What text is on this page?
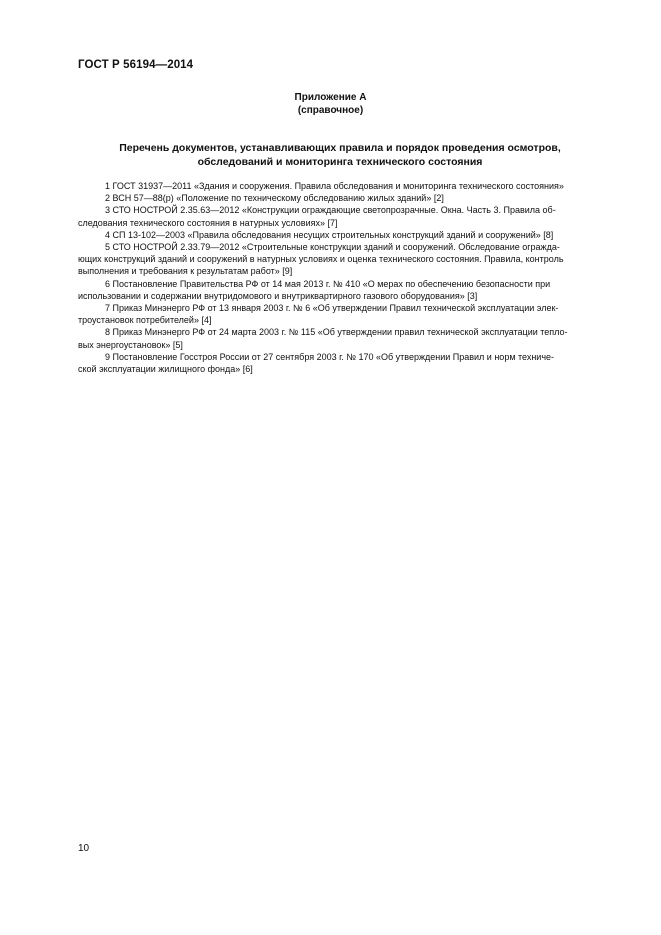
ГОСТ Р 56194—2014
Приложение А
(справочное)
Перечень документов, устанавливающих правила и порядок проведения осмотров,
обследований и мониторинга технического состояния

1 ГОСТ 31937—2011 «Здания и сооружения. Правила обследования и мониторинга технического состояния»

2 ВСН 57—88(р) «Положение по техническому обследованию жилых зданий» [2]

3 СТО НОСТРОЙ 2.35.63—2012 «Конструкции ограждающие светопрозрачные. Окна. Часть 3. Правила об-
следования технического состояния в натурных условиях» [7]

4 СП 13-102—2003 «Правила обследования несущих строительных конструкций зданий и сооружений» [8]

5 СТО НОСТРОЙ 2.33.79—2012 «Строительные конструкции зданий и сооружений. Обследование огражда-
ющих конструкций зданий и сооружений в натурных условиях и оценка технического состояния. Правила, контроль
выполнения и требования к результатам работ» [9]

6 Постановление Правительства РФ от 14 мая 2013 г. № 410 «О мерах по обеспечению безопасности при
использовании и содержании внутридомового и внутриквартирного газового оборудования» [3]

7 Приказ Минэнерго РФ от 13 января 2003 г. № 6 «Об утверждении Правил технической эксплуатации элек-
троустановок потребителей» [4]

8 Приказ Минэнерго РФ от 24 марта 2003 г. № 115 «Об утверждении правил технической эксплуатации тепло-
вых энергоустановок» [5]

9 Постановление Госстроя России от 27 сентября 2003 г. № 170 «Об утверждении Правил и норм техниче-
ской эксплуатации жилищного фонда» [6]

10
